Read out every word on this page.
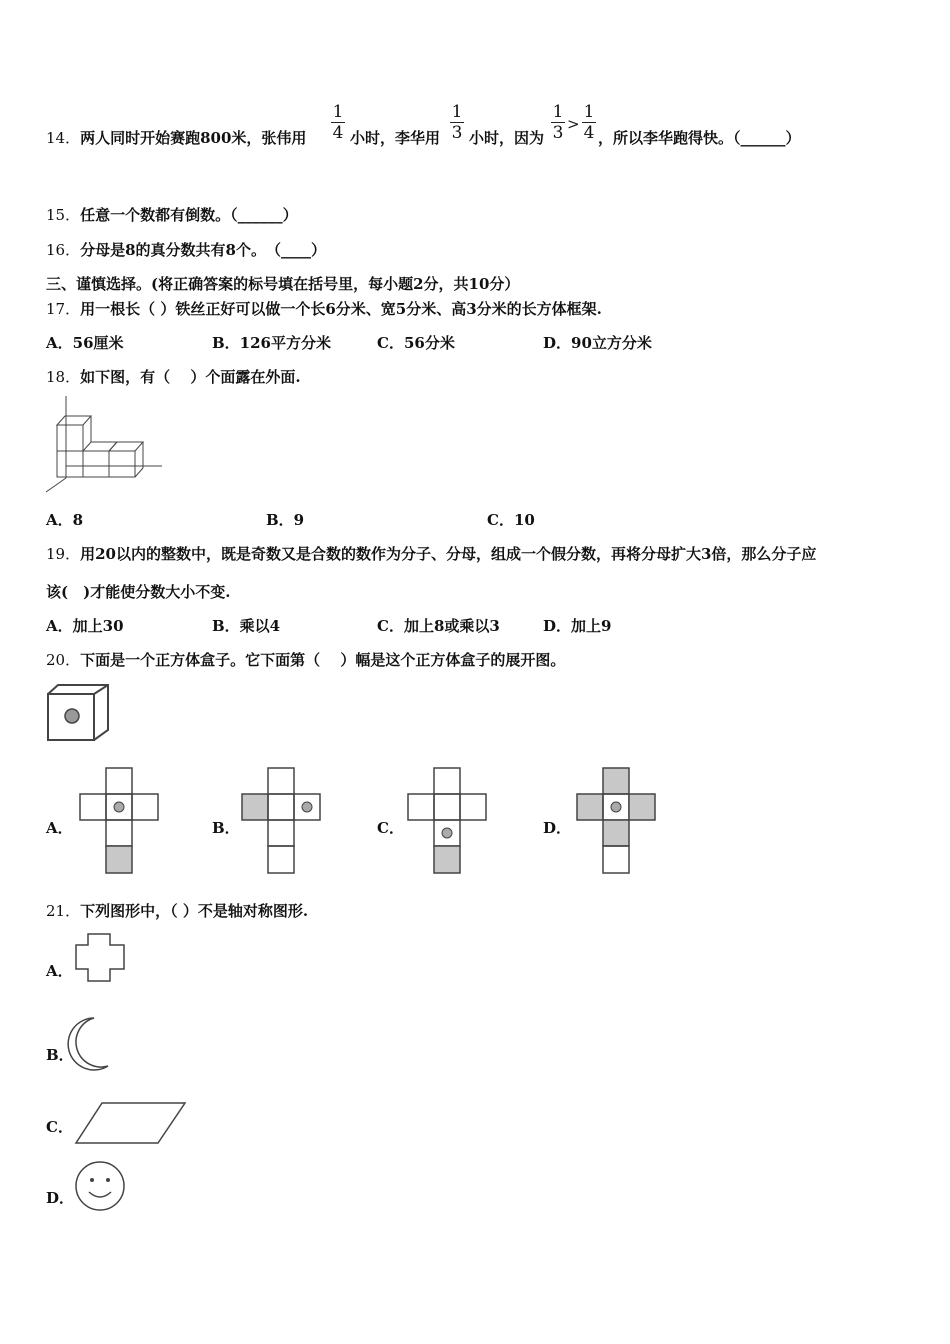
14．两人同时开始赛跑800米，张伟用
1
4 小时，李华用
1
3 小时，因为
1
3 >
1
4 ，所以李华跑得快。（______）
15．任意一个数都有倒数。（______）
16．分母是8的真分数共有8个。　（____）
三、谨慎选择。(将正确答案的标号填在括号里，每小题2分，共10分）
17．用一根长（ ）铁丝正好可以做一个长6分米、宽5分米、高3分米的长方体框架.
A．56厘米	B．126平方分米	C．56分米	D．90立方分米
18．如下图，有（　 ）个面露在外面.
A．8	B．9	C．10
19．用20以内的整数中，既是奇数又是合数的数作为分子、分母，组成一个假分数，再将分母扩大3倍，那么分子应
该(　)才能使分数大小不变.
A．加上30	B．乘以4	C．加上8或乘以3	D．加上9
20．下面是一个正方体盒子。它下面第（　 ）幅是这个正方体盒子的展开图。
A．	B．	C．	D．
21．下列图形中，（ ）不是轴对称图形.
A．
B．
C．
D．
